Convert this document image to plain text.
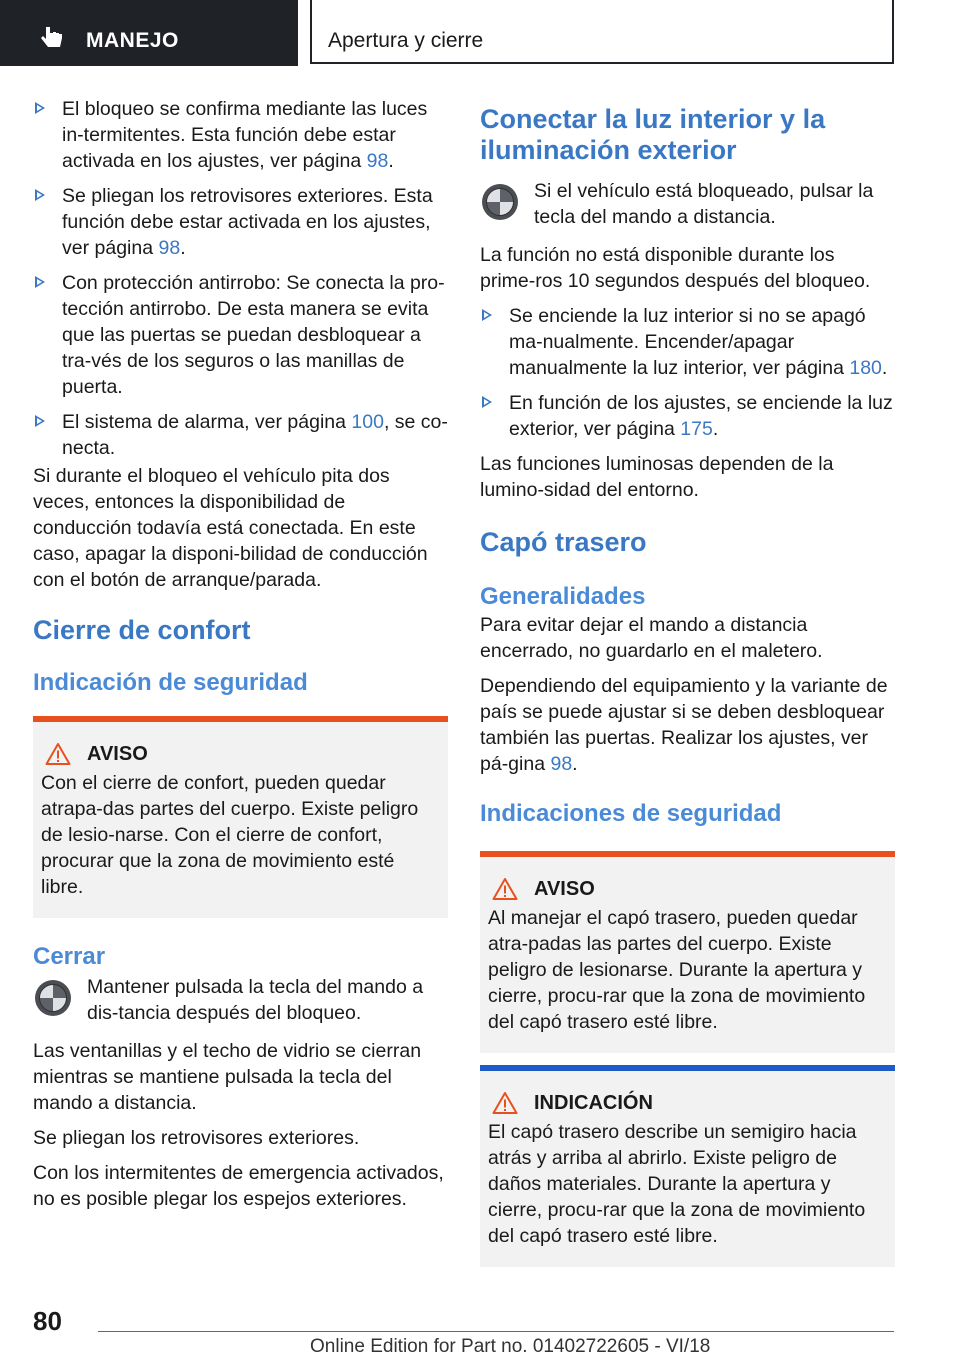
MANEJO	Apertura y cierre
El bloqueo se confirma mediante las luces in‐termitentes. Esta función debe estar activada en los ajustes, ver página 98.
Se pliegan los retrovisores exteriores. Esta función debe estar activada en los ajustes, ver página 98.
Con protección antirrobo: Se conecta la pro‐tección antirrobo. De esta manera se evita que las puertas se puedan desbloquear a tra‐vés de los seguros o las manillas de puerta.
El sistema de alarma, ver página 100, se co‐necta.

Si durante el bloqueo el vehículo pita dos veces, entonces la disponibilidad de conducción todavía está conectada. En este caso, apagar la disponi‐bilidad de conducción con el botón de arranque/parada.

Cierre de confort
Indicación de seguridad
AVISO

Con el cierre de confort, pueden quedar atrapa‐das partes del cuerpo. Existe peligro de lesio‐narse. Con el cierre de confort, procurar que la zona de movimiento esté libre.

Cerrar
Mantener pulsada la tecla del mando a dis‐tancia después del bloqueo.

Las ventanillas y el techo de vidrio se cierran mientras se mantiene pulsada la tecla del mando a distancia.

Se pliegan los retrovisores exteriores.

Con los intermitentes de emergencia activados, no es posible plegar los espejos exteriores.

Conectar la luz interior y la iluminación exterior
Si el vehículo está bloqueado, pulsar la tecla del mando a distancia.

La función no está disponible durante los prime‐ros 10 segundos después del bloqueo.

Se enciende la luz interior si no se apagó ma‐nualmente. Encender/apagar manualmente la luz interior, ver página 180.
En función de los ajustes, se enciende la luz exterior, ver página 175.

Las funciones luminosas dependen de la lumino‐sidad del entorno.

Capó trasero
Generalidades

Para evitar dejar el mando a distancia encerrado, no guardarlo en el maletero.

Dependiendo del equipamiento y la variante de país se puede ajustar si se deben desbloquear también las puertas. Realizar los ajustes, ver pá‐gina 98.

Indicaciones de seguridad
AVISO

Al manejar el capó trasero, pueden quedar atra‐padas las partes del cuerpo. Existe peligro de lesionarse. Durante la apertura y cierre, procu‐rar que la zona de movimiento del capó trasero esté libre.

INDICACIÓN

El capó trasero describe un semigiro hacia atrás y arriba al abrirlo. Existe peligro de daños materiales. Durante la apertura y cierre, procu‐rar que la zona de movimiento del capó trasero esté libre.

80
Online Edition for Part no. 01402722605 - VI/18
